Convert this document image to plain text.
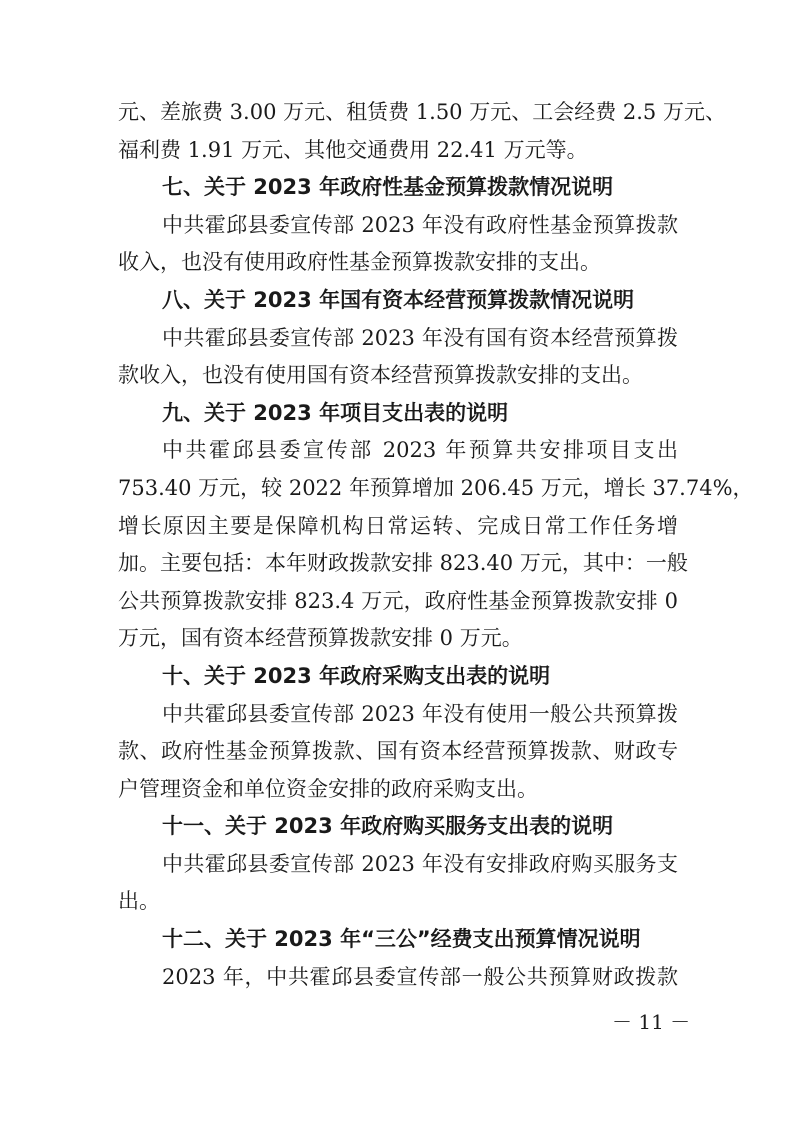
元、差旅费 3.00 万元、租赁费 1.50 万元、工会经费 2.5 万元、
福利费 1.91 万元、其他交通费用 22.41 万元等。
七、关于 2023 年政府性基金预算拨款情况说明
中共霍邱县委宣传部 2023 年没有政府性基金预算拨款
收入，也没有使用政府性基金预算拨款安排的支出。
八、关于 2023 年国有资本经营预算拨款情况说明
中共霍邱县委宣传部 2023 年没有国有资本经营预算拨
款收入，也没有使用国有资本经营预算拨款安排的支出。
九、关于 2023 年项目支出表的说明
中共霍邱县委宣传部 2023 年预算共安排项目支出
753.40 万元，较 2022 年预算增加 206.45 万元，增长 37.74%，
增长原因主要是保障机构日常运转、完成日常工作任务增
加。主要包括：本年财政拨款安排 823.40 万元，其中：一般
公共预算拨款安排 823.4 万元，政府性基金预算拨款安排 0
万元，国有资本经营预算拨款安排 0 万元。
十、关于 2023 年政府采购支出表的说明
中共霍邱县委宣传部 2023 年没有使用一般公共预算拨
款、政府性基金预算拨款、国有资本经营预算拨款、财政专
户管理资金和单位资金安排的政府采购支出。
十一、关于 2023 年政府购买服务支出表的说明
中共霍邱县委宣传部 2023 年没有安排政府购买服务支
出。
十二、关于 2023 年“三公”经费支出预算情况说明
2023 年，中共霍邱县委宣传部一般公共预算财政拨款
－ 11 －
